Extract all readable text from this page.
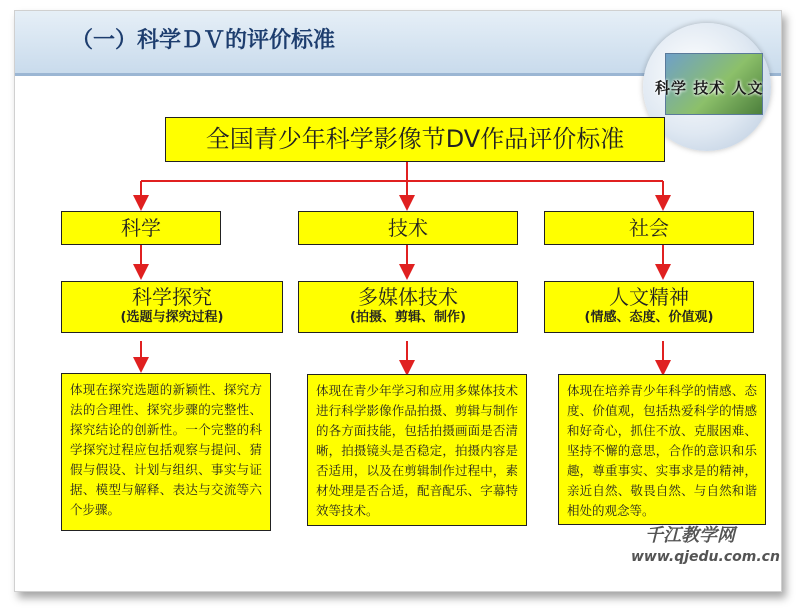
（一）科学ＤＶ的评价标准
科学 技术 人文
全国青少年科学影像节DV作品评价标准
科学	技术	社会
科学探究
(选题与探究过程)
多媒体技术
(拍摄、剪辑、制作)
人文精神
(情感、态度、价值观)
体现在探究选题的新颖性、探究方法的合理性、探究步骤的完整性、探究结论的创新性。一个完整的科学探究过程应包括观察与提问、猜假与假设、计划与组织、事实与证据、模型与解释、表达与交流等六个步骤。
体现在青少年学习和应用多媒体技术进行科学影像作品拍摄、剪辑与制作的各方面技能，包括拍摄画面是否清晰，拍摄镜头是否稳定，拍摄内容是否适用，以及在剪辑制作过程中，素材处理是否合适，配音配乐、字幕特效等技术。
体现在培养青少年科学的情感、态度、价值观，包括热爱科学的情感和好奇心，抓住不放、克服困难、坚持不懈的意思，合作的意识和乐趣，尊重事实、实事求是的精神，亲近自然、敬畏自然、与自然和谐相处的观念等。
千江教学网
www.qjedu.com.cn
